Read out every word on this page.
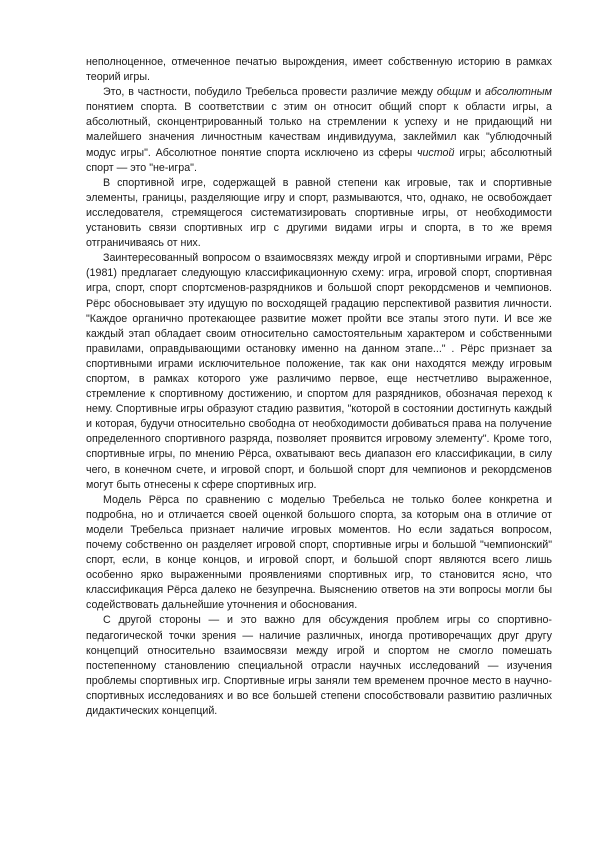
неполноценное, отмеченное печатью вырождения, имеет собственную историю в рамках теорий игры.

Это, в частности, побудило Требельса провести различие между общим и абсолютным понятием спорта. В соответствии с этим он относит общий спорт к области игры, а абсолютный, сконцентрированный только на стремлении к успеху и не придающий ни малейшего значения личностным качествам индивидуума, заклеймил как "ублюдочный модус игры". Абсолютное понятие спорта исключено из сферы чистой игры; абсолютный спорт — это "не-игра".

В спортивной игре, содержащей в равной степени как игровые, так и спортивные элементы, границы, разделяющие игру и спорт, размываются, что, однако, не освобождает исследователя, стремящегося систематизировать спортивные игры, от необходимости установить связи спортивных игр с другими видами игры и спорта, в то же время отграничиваясь от них.

Заинтересованный вопросом о взаимосвязях между игрой и спортивными играми, Рёрс (1981) предлагает следующую классификационную схему: игра, игровой спорт, спортивная игра, спорт, спорт спортсменов-разрядников и большой спорт рекордсменов и чемпионов. Рёрс обосновывает эту идущую по восходящей градацию перспективой развития личности. "Каждое органично протекающее развитие может пройти все этапы этого пути. И все же каждый этап обладает своим относительно самостоятельным характером и собственными правилами, оправдывающими остановку именно на данном этапе..." . Рёрс признает за спортивными играми исключительное положение, так как они находятся между игровым спортом, в рамках которого уже различимо первое, еще нестчетливо выраженное, стремление к спортивному достижению, и спортом для разрядников, обозначая переход к нему. Спортивные игры образуют стадию развития, "которой в состоянии достигнуть каждый и которая, будучи относительно свободна от необходимости добиваться права на получение определенного спортивного разряда, позволяет проявится игровому элементу". Кроме того, спортивные игры, по мнению Рёрса, охватывают весь диапазон его классификации, в силу чего, в конечном счете, и игровой спорт, и большой спорт для чемпионов и рекордсменов могут быть отнесены к сфере спортивных игр.

Модель Рёрса по сравнению с моделью Требельса не только более конкретна и подробна, но и отличается своей оценкой большого спорта, за которым она в отличие от модели Требельса признает наличие игровых моментов. Но если задаться вопросом, почему собственно он разделяет игровой спорт, спортивные игры и большой "чемпионский" спорт, если, в конце концов, и игровой спорт, и большой спорт являются всего лишь особенно ярко выраженными проявлениями спортивных игр, то становится ясно, что классификация Рёрса далеко не безупречна. Выяснению ответов на эти вопросы могли бы содействовать дальнейшие уточнения и обоснования.

С другой стороны — и это важно для обсуждения проблем игры со спортивно-педагогической точки зрения — наличие различных, иногда противоречащих друг другу концепций относительно взаимосвязи между игрой и спортом не смогло помешать постепенному становлению специальной отрасли научных исследований — изучения проблемы спортивных игр. Спортивные игры заняли тем временем прочное место в научно-спортивных исследованиях и во все большей степени способствовали развитию различных дидактических концепций.
